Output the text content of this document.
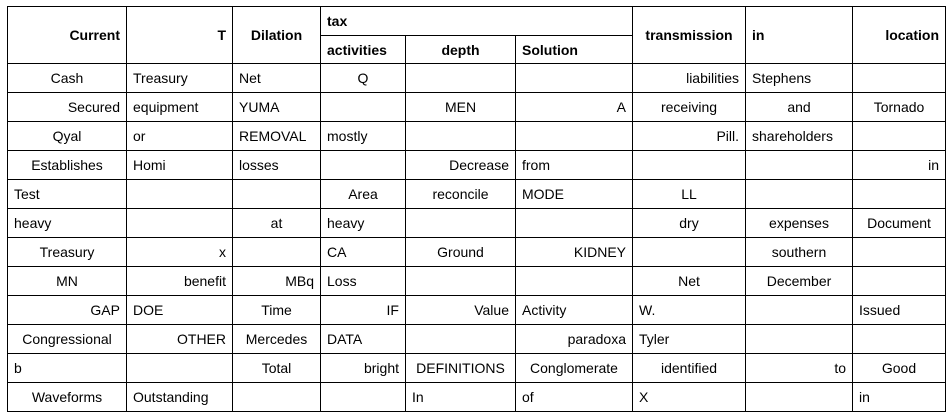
Current	T	Dilation	tax			transmission	in	location
			activities	depth	Solution			
Cash	Treasury	Net	Q			liabilities	Stephens	
Secured	equipment	YUMA		MEN	A	receiving	and	Tornado
Qyal	or	REMOVAL	mostly			Pill.	shareholders	
Establishes	Homi	losses		Decrease	from			in
Test			Area	reconcile	MODE	LL		
heavy		at	heavy			dry	expenses	Document
Treasury	x		CA	Ground	KIDNEY		southern	
MN	benefit	MBq	Loss			Net	December	
GAP	DOE	Time	IF	Value	Activity	W.		Issued
Congressional	OTHER	Mercedes	DATA		paradoxa	Tyler		
b		Total	bright	DEFINITIONS	Conglomerate	identified	to	Good
Waveforms	Outstanding			In	of	X		in
